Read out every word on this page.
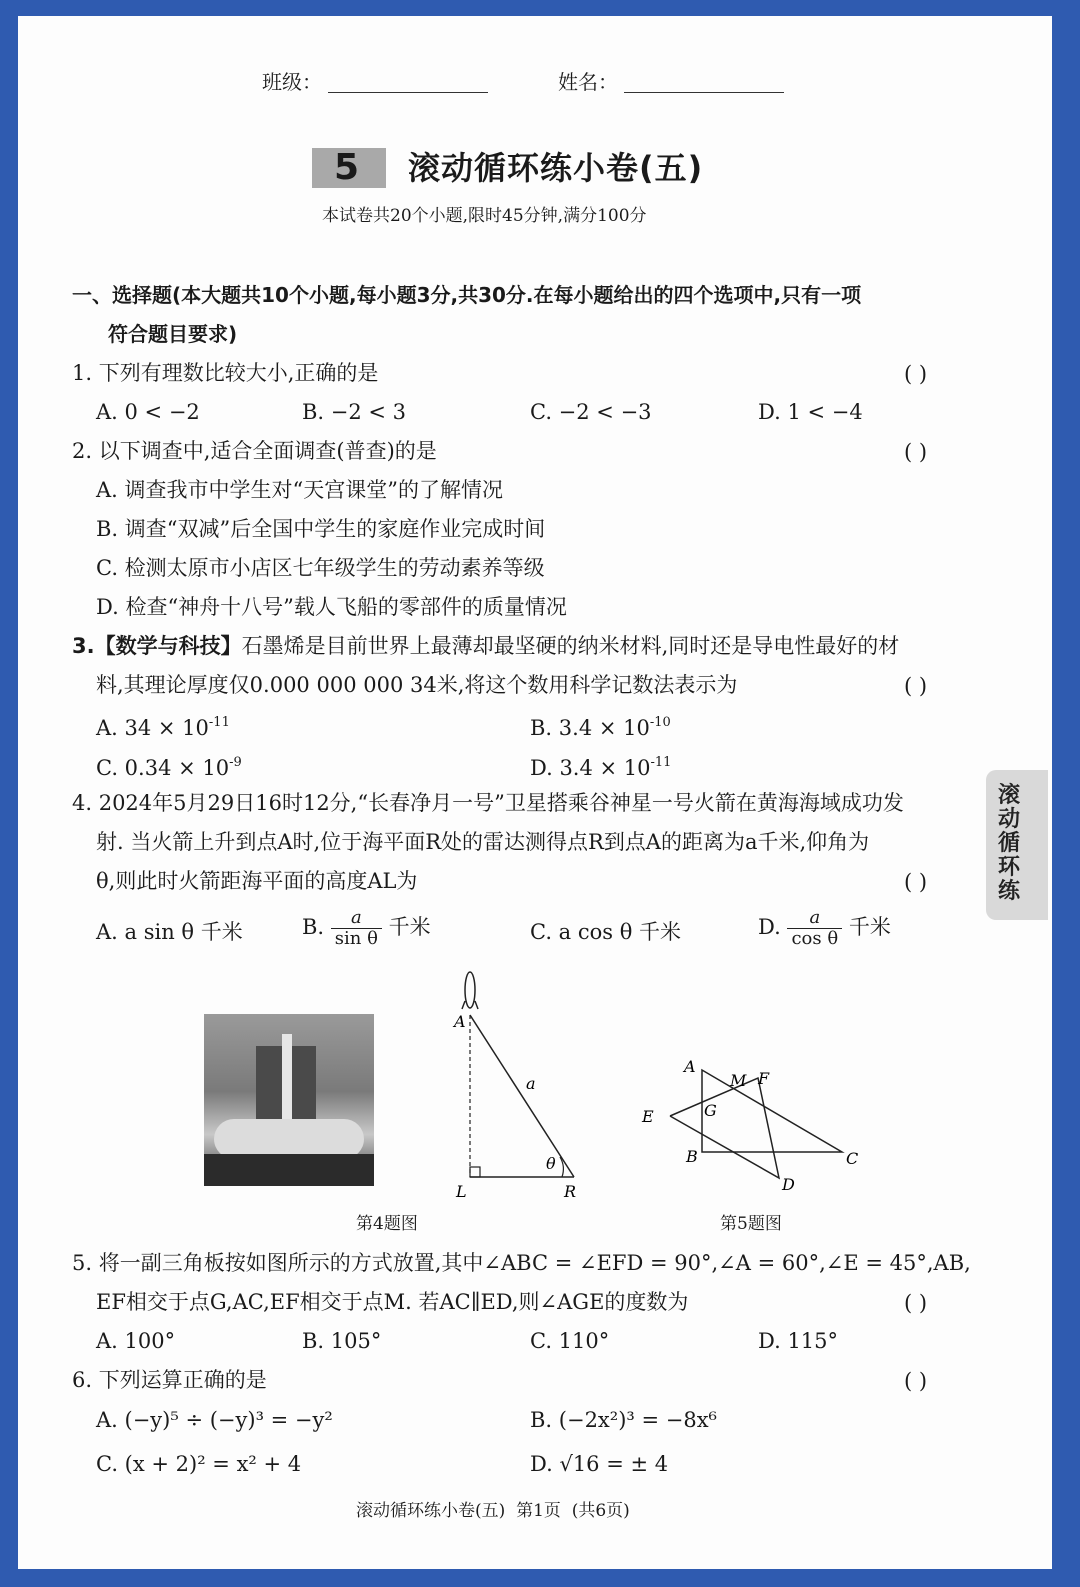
班级：	姓名：
5 滚动循环练小卷(五)
本试卷共20个小题,限时45分钟,满分100分
一、选择题(本大题共10个小题,每小题3分,共30分.在每小题给出的四个选项中,只有一项
符合题目要求)
1. 下列有理数比较大小,正确的是	( )
A. 0 < −2	B. −2 < 3	C. −2 < −3	D. 1 < −4
2. 以下调查中,适合全面调查(普查)的是	( )
A. 调查我市中学生对“天宫课堂”的了解情况
B. 调查“双减”后全国中学生的家庭作业完成时间
C. 检测太原市小店区七年级学生的劳动素养等级
D. 检查“神舟十八号”载人飞船的零部件的质量情况
3.【数学与科技】石墨烯是目前世界上最薄却最坚硬的纳米材料,同时还是导电性最好的材
料,其理论厚度仅0.000 000 000 34米,将这个数用科学记数法表示为	( )
A. $34 \times 10^{-11}$	B. $3.4 \times 10^{-10}$
C. $0.34 \times 10^{-9}$	D. $3.4 \times 10^{-11}$
4. 2024年5月29日16时12分,“长春净月一号”卫星搭乘谷神星一号火箭在黄海海域成功发
射. 当火箭上升到点A时,位于海平面R处的雷达测得点R到点A的距离为a千米,仰角为
θ,则此时火箭距海平面的高度AL为	( )
A. a sin θ 千米	B. $\frac{a}{\text{sin θ}}$ 千米	C. a cos θ 千米	D. $\frac{a}{\text{cos θ}}$ 千米
A
L	R
a
θ
第4题图
A
M F
E	G
B	C
D
第5题图
5. 将一副三角板按如图所示的方式放置,其中∠ABC = ∠EFD = 90°,∠A = 60°,∠E = 45°,AB,
EF相交于点G,AC,EF相交于点M. 若AC∥ED,则∠AGE的度数为	( )
A. 100°	B. 105°	C. 110°	D. 115°
6. 下列运算正确的是	( )
A. (−y)⁵ ÷ (−y)³ = −y²	B. (−2x²)³ = −8x⁶
C. (x + 2)² = x² + 4	D. √16 = ± 4
滚动循环练小卷(五)  第1页  (共6页)
滚动循环练
